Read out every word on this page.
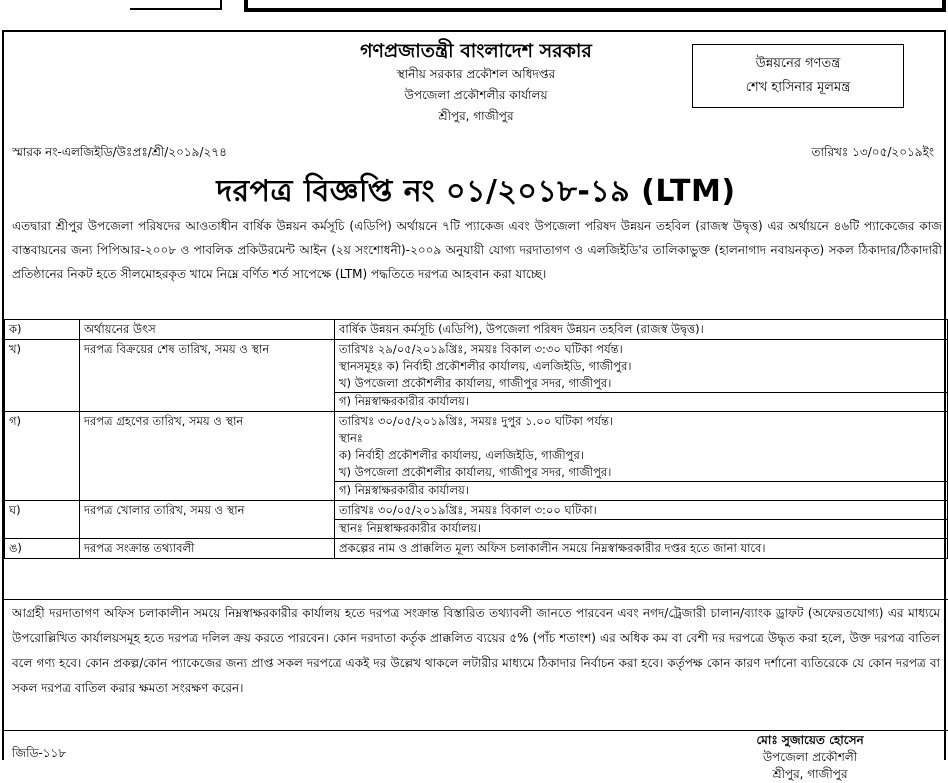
গণপ্রজাতন্ত্রী বাংলাদেশ সরকার
স্থানীয় সরকার প্রকৌশল অধিদপ্তর
উপজেলা প্রকৌশলীর কার্যালয়
শ্রীপুর, গাজীপুর
উন্নয়নের গণতন্ত্র
শেখ হাসিনার মূলমন্ত্র
স্মারক নং-এলজিইডি/উঃপ্রঃ/শ্রী/২০১৯/২৭৪	তারিখঃ ১৩/০৫/২০১৯ইং
দরপত্র বিজ্ঞপ্তি নং ০১/২০১৮-১৯ (LTM)
এতদ্বারা শ্রীপুর উপজেলা পরিষদের আওতাধীন বার্ষিক উন্নয়ন কর্মসূচি (এডিপি) অর্থায়নে ৭টি প্যাকেজ এবং উপজেলা পরিষদ উন্নয়ন তহবিল (রাজস্ব উদ্বৃত্ত) এর অর্থায়নে ৪৬টি প্যাকেজের কাজ বাস্তবায়নের জন্য পিপিআর-২০০৮ ও পাবলিক প্রকিউরমেন্ট আইন (২য় সংশোধনী)-২০০৯ অনুযায়ী যোগ্য দরদাতাগণ ও এলজিইডি'র তালিকাভুক্ত (হালনাগাদ নবায়নকৃত) সকল ঠিকাদার/ঠিকাদারী প্রতিষ্ঠানের নিকট হতে সীলমোহরকৃত খামে নিম্নে বর্ণিত শর্ত সাপেক্ষে (LTM) পদ্ধতিতে দরপত্র আহবান করা যাচ্ছে।
ক)	অর্থায়নের উৎস	বার্ষিক উন্নয়ন কর্মসূচি (এডিপি), উপজেলা পরিষদ উন্নয়ন তহবিল (রাজস্ব উদ্বৃত্ত)।

খ)	দরপত্র বিক্রয়ের শেষ তারিখ, সময় ও স্থান	তারিখঃ ২৯/০৫/২০১৯খ্রিঃ, সময়ঃ বিকাল ৩:৩০ ঘটিকা পর্যন্ত।
স্থানসমূহঃ ক) নির্বাহী প্রকৌশলীর কার্যালয়, এলজিইডি, গাজীপুর।
খ) উপজেলা প্রকৌশলীর কার্যালয়, গাজীপুর সদর, গাজীপুর।
গ) নিম্নস্বাক্ষরকারীর কার্যালয়।

গ)	দরপত্র গ্রহণের তারিখ, সময় ও স্থান	তারিখঃ ৩০/০৫/২০১৯খ্রিঃ, সময়ঃ দুপুর ১.০০ ঘটিকা পর্যন্ত।
স্থানঃ
ক) নির্বাহী প্রকৌশলীর কার্যালয়, এলজিইডি, গাজীপুর।
খ) উপজেলা প্রকৌশলীর কার্যালয়, গাজীপুর সদর, গাজীপুর।
গ) নিম্নস্বাক্ষরকারীর কার্যালয়।

ঘ)	দরপত্র খোলার তারিখ, সময় ও স্থান	তারিখঃ ৩০/০৫/২০১৯খ্রিঃ, সময়ঃ বিকাল ৩:০০ ঘটিকা।
স্থানঃ নিম্নস্বাক্ষরকারীর কার্যালয়।

ঙ)	দরপত্র সংক্রান্ত তথ্যাবলী	প্রকল্পের নাম ও প্রাক্কলিত মূল্য অফিস চলাকালীন সময়ে নিম্নস্বাক্ষরকারীর দপ্তর হতে জানা যাবে।
আগ্রহী দরদাতাগণ অফিস চলাকালীন সময়ে নিম্নস্বাক্ষরকারীর কার্যালয় হতে দরপত্র সংক্রান্ত বিস্তারিত তথ্যাবলী জানতে পারবেন এবং নগদ/ট্রেজারী চালান/ব্যাংক ড্রাফট (অফেরতযোগ্য) এর মাধ্যমে উপরোল্লিখিত কার্যালয়সমূহ হতে দরপত্র দলিল ক্রয় করতে পারবেন। কোন দরদাতা কর্তৃক প্রাক্কলিত ব্যয়ের ৫% (পাঁচ শতাংশ) এর অধিক কম বা বেশী দর দরপত্রে উদ্ধৃত করা হলে, উক্ত দরপত্র বাতিল বলে গণ্য হবে। কোন প্রকল্প/কোন প্যাকেজের জন্য প্রাপ্ত সকল দরপত্রে একই দর উল্লেখ থাকলে লটারীর মাধ্যমে ঠিকাদার নির্বাচন করা হবে। কর্তৃপক্ষ কোন কারণ দর্শানো ব্যতিরেকে যে কোন দরপত্র বা সকল দরপত্র বাতিল করার ক্ষমতা সংরক্ষণ করেন।
মোঃ সুজায়েত হোসেন
উপজেলা প্রকৌশলী
শ্রীপুর, গাজীপুর
জিডি-১১৮
